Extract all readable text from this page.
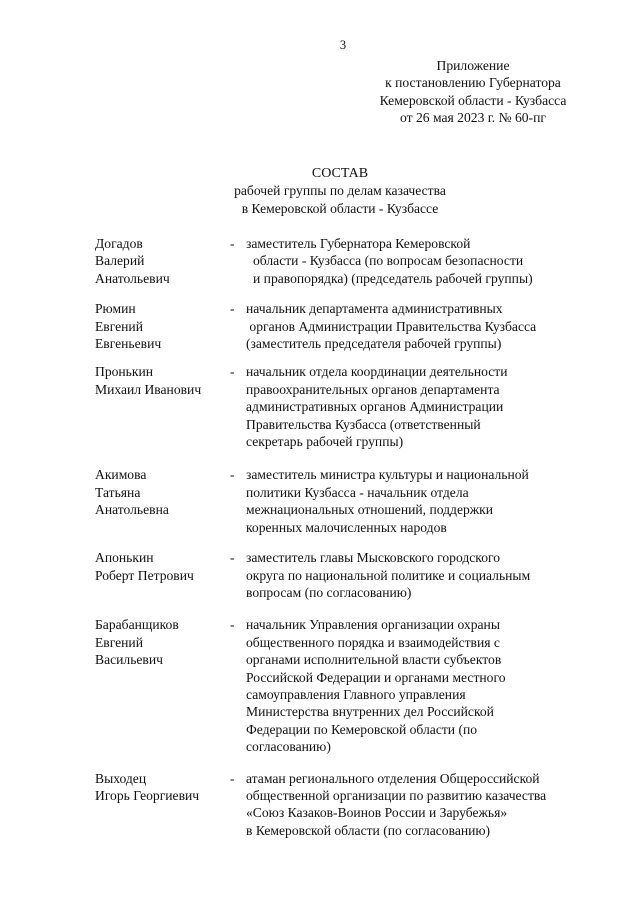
3
Приложение
к постановлению Губернатора
Кемеровской области - Кузбасса
от 26 мая 2023 г. № 60-пг
СОСТАВ
рабочей группы по делам казачества
в Кемеровской области - Кузбассе
Догадов
Валерий
Анатольевич
- заместитель Губернатора Кемеровской
области - Кузбасса (по вопросам безопасности
и правопорядка) (председатель рабочей группы)
Рюмин
Евгений
Евгеньевич
- начальник департамента административных
органов Администрации Правительства Кузбасса
(заместитель председателя рабочей группы)
Пронькин
Михаил Иванович
- начальник отдела координации деятельности
правоохранительных органов департамента
административных органов Администрации
Правительства Кузбасса (ответственный
секретарь рабочей группы)
Акимова
Татьяна
Анатольевна
- заместитель министра культуры и национальной
политики Кузбасса - начальник отдела
межнациональных отношений, поддержки
коренных малочисленных народов
Апонькин
Роберт Петрович
- заместитель главы Мысковского городского
округа по национальной политике и социальным
вопросам (по согласованию)
Барабанщиков
Евгений
Васильевич
- начальник Управления организации охраны
общественного порядка и взаимодействия с
органами исполнительной власти субъектов
Российской Федерации и органами местного
самоуправления Главного управления
Министерства внутренних дел Российской
Федерации по Кемеровской области (по
согласованию)
Выходец
Игорь Георгиевич
- атаман регионального отделения Общероссийской
общественной организации по развитию казачества
«Союз Казаков-Воинов России и Зарубежья»
в Кемеровской области (по согласованию)
